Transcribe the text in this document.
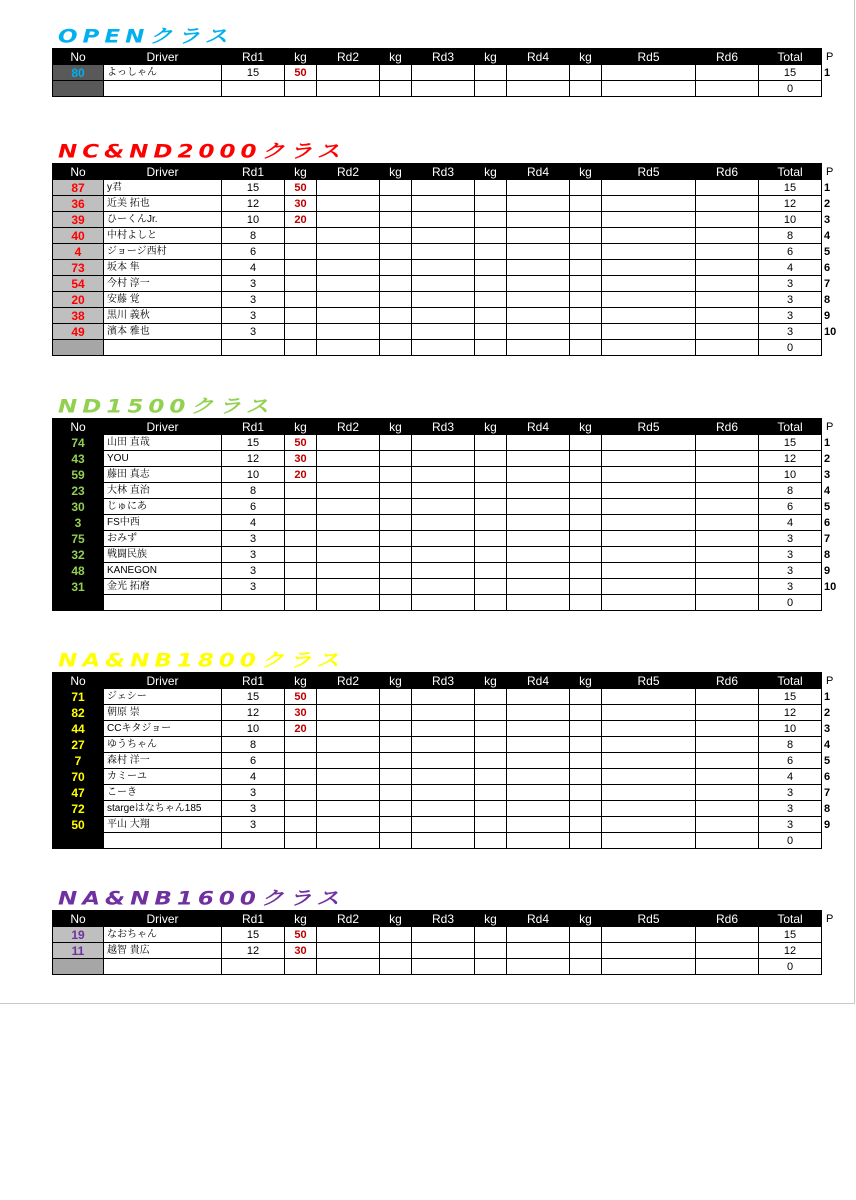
OPENクラス
No	Driver	Rd1	kg	Rd2	kg	Rd3	kg	Rd4	kg	Rd5	Rd6	Total	P
80	よっしゃん	15	50									15	1
												0	
NC&ND2000クラス
No	Driver	Rd1	kg	Rd2	kg	Rd3	kg	Rd4	kg	Rd5	Rd6	Total	P
87	y君	15	50									15	1
36	近美 拓也	12	30									12	2
39	ひーくんJr.	10	20									10	3
40	中村よしと	8										8	4
4	ジョージ西村	6										6	5
73	坂本 隼	4										4	6
54	今村 淳一	3										3	7
20	安藤 覚	3										3	8
38	黒川 義秋	3										3	9
49	濱本 雅也	3										3	10
												0	
ND1500クラス
No	Driver	Rd1	kg	Rd2	kg	Rd3	kg	Rd4	kg	Rd5	Rd6	Total	P
74	山田 直哉	15	50									15	1
43	YOU	12	30									12	2
59	藤田 真志	10	20									10	3
23	大林 直治	8										8	4
30	じゅにあ	6										6	5
3	FS中西	4										4	6
75	おみず	3										3	7
32	戦闘民族	3										3	8
48	KANEGON	3										3	9
31	金光 拓磨	3										3	10
												0	
NA&NB1800クラス
No	Driver	Rd1	kg	Rd2	kg	Rd3	kg	Rd4	kg	Rd5	Rd6	Total	P
71	ジェシー	15	50									15	1
82	朝原 崇	12	30									12	2
44	CCキタジョー	10	20									10	3
27	ゆうちゃん	8										8	4
7	森村 洋一	6										6	5
70	カミーユ	4										4	6
47	こーき	3										3	7
72	stargeはなちゃん185	3										3	8
50	平山 大翔	3										3	9
												0	
NA&NB1600クラス
No	Driver	Rd1	kg	Rd2	kg	Rd3	kg	Rd4	kg	Rd5	Rd6	Total	P
19	なおちゃん	15	50									15	
11	越智 貴広	12	30									12	
												0	
